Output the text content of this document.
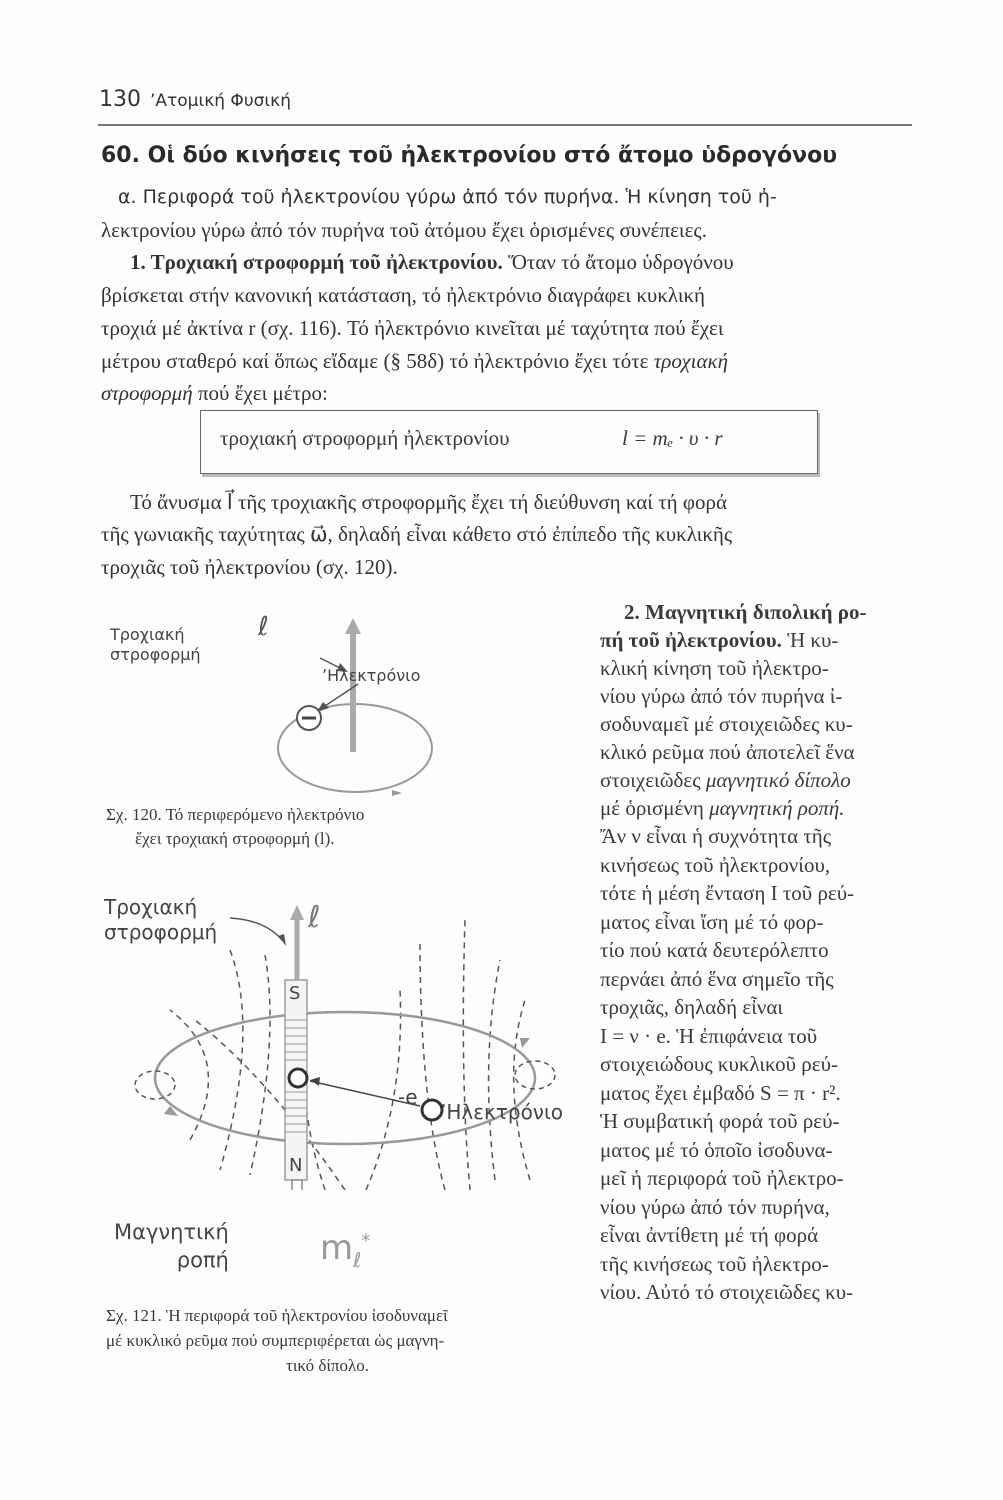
130 ʼΑτομική Φυσική
60. Οἱ δύο κινήσεις τοῦ ἠλεκτρονίου στό ἄτομο ὑδρογόνου
α. Περιφορά τοῦ ἠλεκτρονίου γύρω ἀπό τόν πυρήνα. Ἡ κίνηση τοῦ ἠ-
λεκτρονίου γύρω ἀπό τόν πυρήνα τοῦ ἀτόμου ἔχει ὁρισμένες συνέπειες.
1. Τροχιακή στροφορμή τοῦ ἠλεκτρονίου. Ὅταν τό ἄτομο ὑδρογόνου
βρίσκεται στήν κανονική κατάσταση, τό ἠλεκτρόνιο διαγράφει κυκλική
τροχιά μέ ἀκτίνα r (σχ. 116). Τό ἠλεκτρόνιο κινεῖται μέ ταχύτητα πού ἔχει
μέτρου σταθερό καί ὅπως εἴδαμε (§ 58δ) τό ἠλεκτρόνιο ἔχει τότε τροχιακή
στροφορμή πού ἔχει μέτρο:
τροχιακή στροφορμή ἠλεκτρονίου	l = mₑ · υ · r
Τό ἄνυσμα l⃗ τῆς τροχιακῆς στροφορμῆς ἔχει τή διεύθυνση καί τή φορά
τῆς γωνιακῆς ταχύτητας ω⃗, δηλαδή εἶναι κάθετο στό ἐπίπεδο τῆς κυκλικῆς
τροχιᾶς τοῦ ἠλεκτρονίου (σχ. 120).
Τροχιακή
στροφορμή
ℓ
ʼΗλεκτρόνιο
Σχ. 120. Τό περιφερόμενο ἠλεκτρόνιο
ἔχει τροχιακή στροφορμή (l).
Τροχιακή
στροφορμή	ℓ
S
N
-e
ʼΗλεκτρόνιο
Μαγνητική
ροπή	$m_\ell^*$
Σχ. 121. Ἡ περιφορά τοῦ ἠλεκτρονίου ἰσοδυναμεῖ
μέ κυκλικό ρεῦμα πού συμπεριφέρεται ὡς μαγνη-
τικό δίπολο.
2. Μαγνητική διπολική ρο-
πή τοῦ ἠλεκτρονίου. Ἡ κυ-
κλική κίνηση τοῦ ἠλεκτρο-
νίου γύρω ἀπό τόν πυρήνα ἰ-
σοδυναμεῖ μέ στοιχειῶδες κυ-
κλικό ρεῦμα πού ἀποτελεῖ ἕνα
στοιχειῶδες μαγνητικό δίπολο
μέ ὁρισμένη μαγνητική ροπή.
Ἄν ν εἶναι ἡ συχνότητα τῆς
κινήσεως τοῦ ἠλεκτρονίου,
τότε ἡ μέση ἔνταση I τοῦ ρεύ-
ματος εἶναι ἴση μέ τό φορ-
τίο πού κατά δευτερόλεπτο
περνάει ἀπό ἕνα σημεῖο τῆς
τροχιᾶς, δηλαδή εἶναι
I = ν · e. Ἡ ἐπιφάνεια τοῦ
στοιχειώδους κυκλικοῦ ρεύ-
ματος ἔχει ἐμβαδό S = π · r².
Ἡ συμβατική φορά τοῦ ρεύ-
ματος μέ τό ὁποῖο ἰσοδυνα-
μεῖ ἡ περιφορά τοῦ ἠλεκτρο-
νίου γύρω ἀπό τόν πυρήνα,
εἶναι ἀντίθετη μέ τή φορά
τῆς κινήσεως τοῦ ἠλεκτρο-
νίου. Αὐτό τό στοιχειῶδες κυ-
